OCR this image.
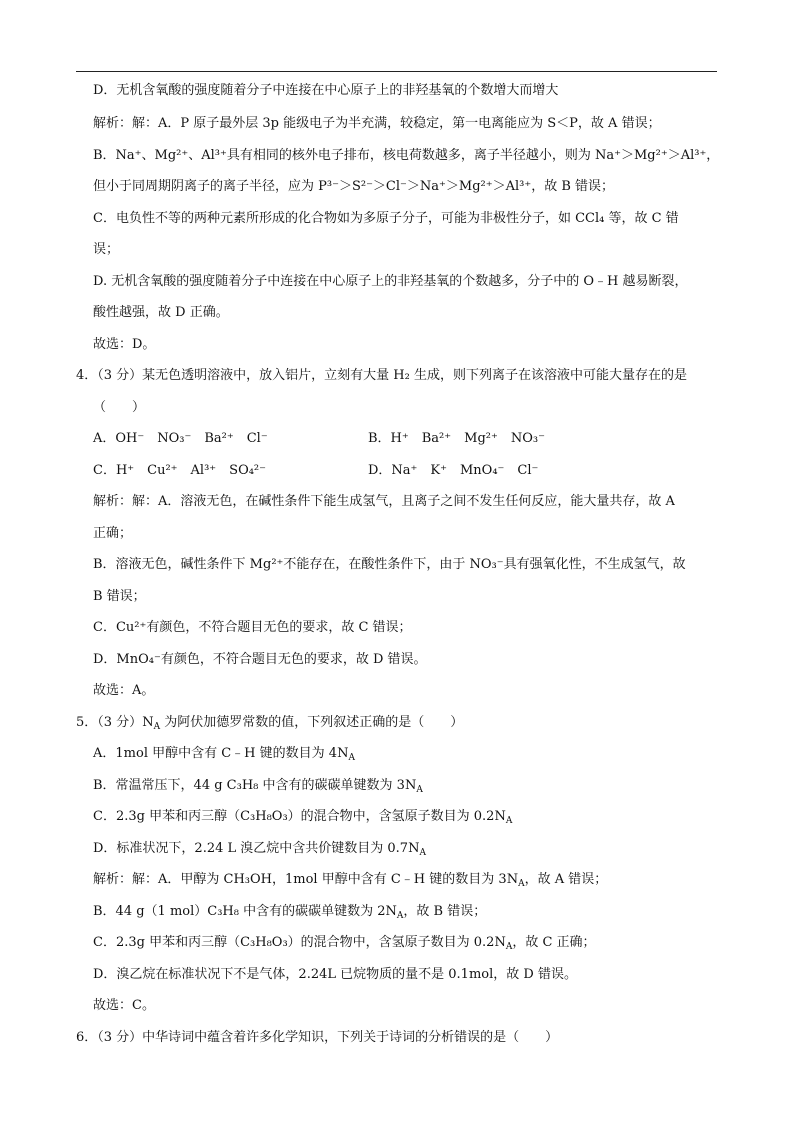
D．无机含氧酸的强度随着分子中连接在中心原子上的非羟基氧的个数增大而增大
解析：解：A．P 原子最外层 3p 能级电子为半充满，较稳定，第一电离能应为 S＜P，故 A 错误；
B．Na⁺、Mg²⁺、Al³⁺具有相同的核外电子排布，核电荷数越多，离子半径越小，则为 Na⁺＞Mg²⁺＞Al³⁺，
但小于同周期阴离子的离子半径，应为 P³⁻＞S²⁻＞Cl⁻＞Na⁺＞Mg²⁺＞Al³⁺，故 B 错误；
C．电负性不等的两种元素所形成的化合物如为多原子分子，可能为非极性分子，如 CCl₄ 等，故 C 错
误；
D. 无机含氧酸的强度随着分子中连接在中心原子上的非羟基氧的个数越多，分子中的 O﹣H 越易断裂，
酸性越强，故 D 正确。
故选：D。
4．（3 分）某无色透明溶液中，放入铝片，立刻有大量 H₂ 生成，则下列离子在该溶液中可能大量存在的是
（　　）
A．OH⁻　NO₃⁻　Ba²⁺　Cl⁻	B．H⁺　Ba²⁺　Mg²⁺　NO₃⁻
C．H⁺　Cu²⁺　Al³⁺　SO₄²⁻	D．Na⁺　K⁺　MnO₄⁻　Cl⁻
解析：解：A．溶液无色，在碱性条件下能生成氢气，且离子之间不发生任何反应，能大量共存，故 A
正确；
B．溶液无色，碱性条件下 Mg²⁺不能存在，在酸性条件下，由于 NO₃⁻具有强氧化性，不生成氢气，故
B 错误；
C．Cu²⁺有颜色，不符合题目无色的要求，故 C 错误；
D．MnO₄⁻有颜色，不符合题目无色的要求，故 D 错误。
故选：A。
5．（3 分）$N_A$ 为阿伏加德罗常数的值，下列叙述正确的是（　　）
A．1mol 甲醇中含有 C﹣H 键的数目为 $4N_A$
B．常温常压下，44 g C₃H₈ 中含有的碳碳单键数为 $3N_A$
C．2.3g 甲苯和丙三醇（C₃H₈O₃）的混合物中，含氢原子数目为 $0.2N_A$
D．标准状况下，2.24 L 溴乙烷中含共价键数目为 $0.7N_A$
解析：解：A．甲醇为 CH₃OH，1mol 甲醇中含有 C﹣H 键的数目为 $3N_A$，故 A 错误；
B．44 g（1 mol）C₃H₈ 中含有的碳碳单键数为 $2N_A$，故 B 错误；
C．2.3g 甲苯和丙三醇（C₃H₈O₃）的混合物中，含氢原子数目为 $0.2N_A$，故 C 正确；
D．溴乙烷在标准状况下不是气体，2.24L 已烷物质的量不是 0.1mol，故 D 错误。
故选：C。
6．（3 分）中华诗词中蕴含着许多化学知识，下列关于诗词的分析错误的是（　　）
